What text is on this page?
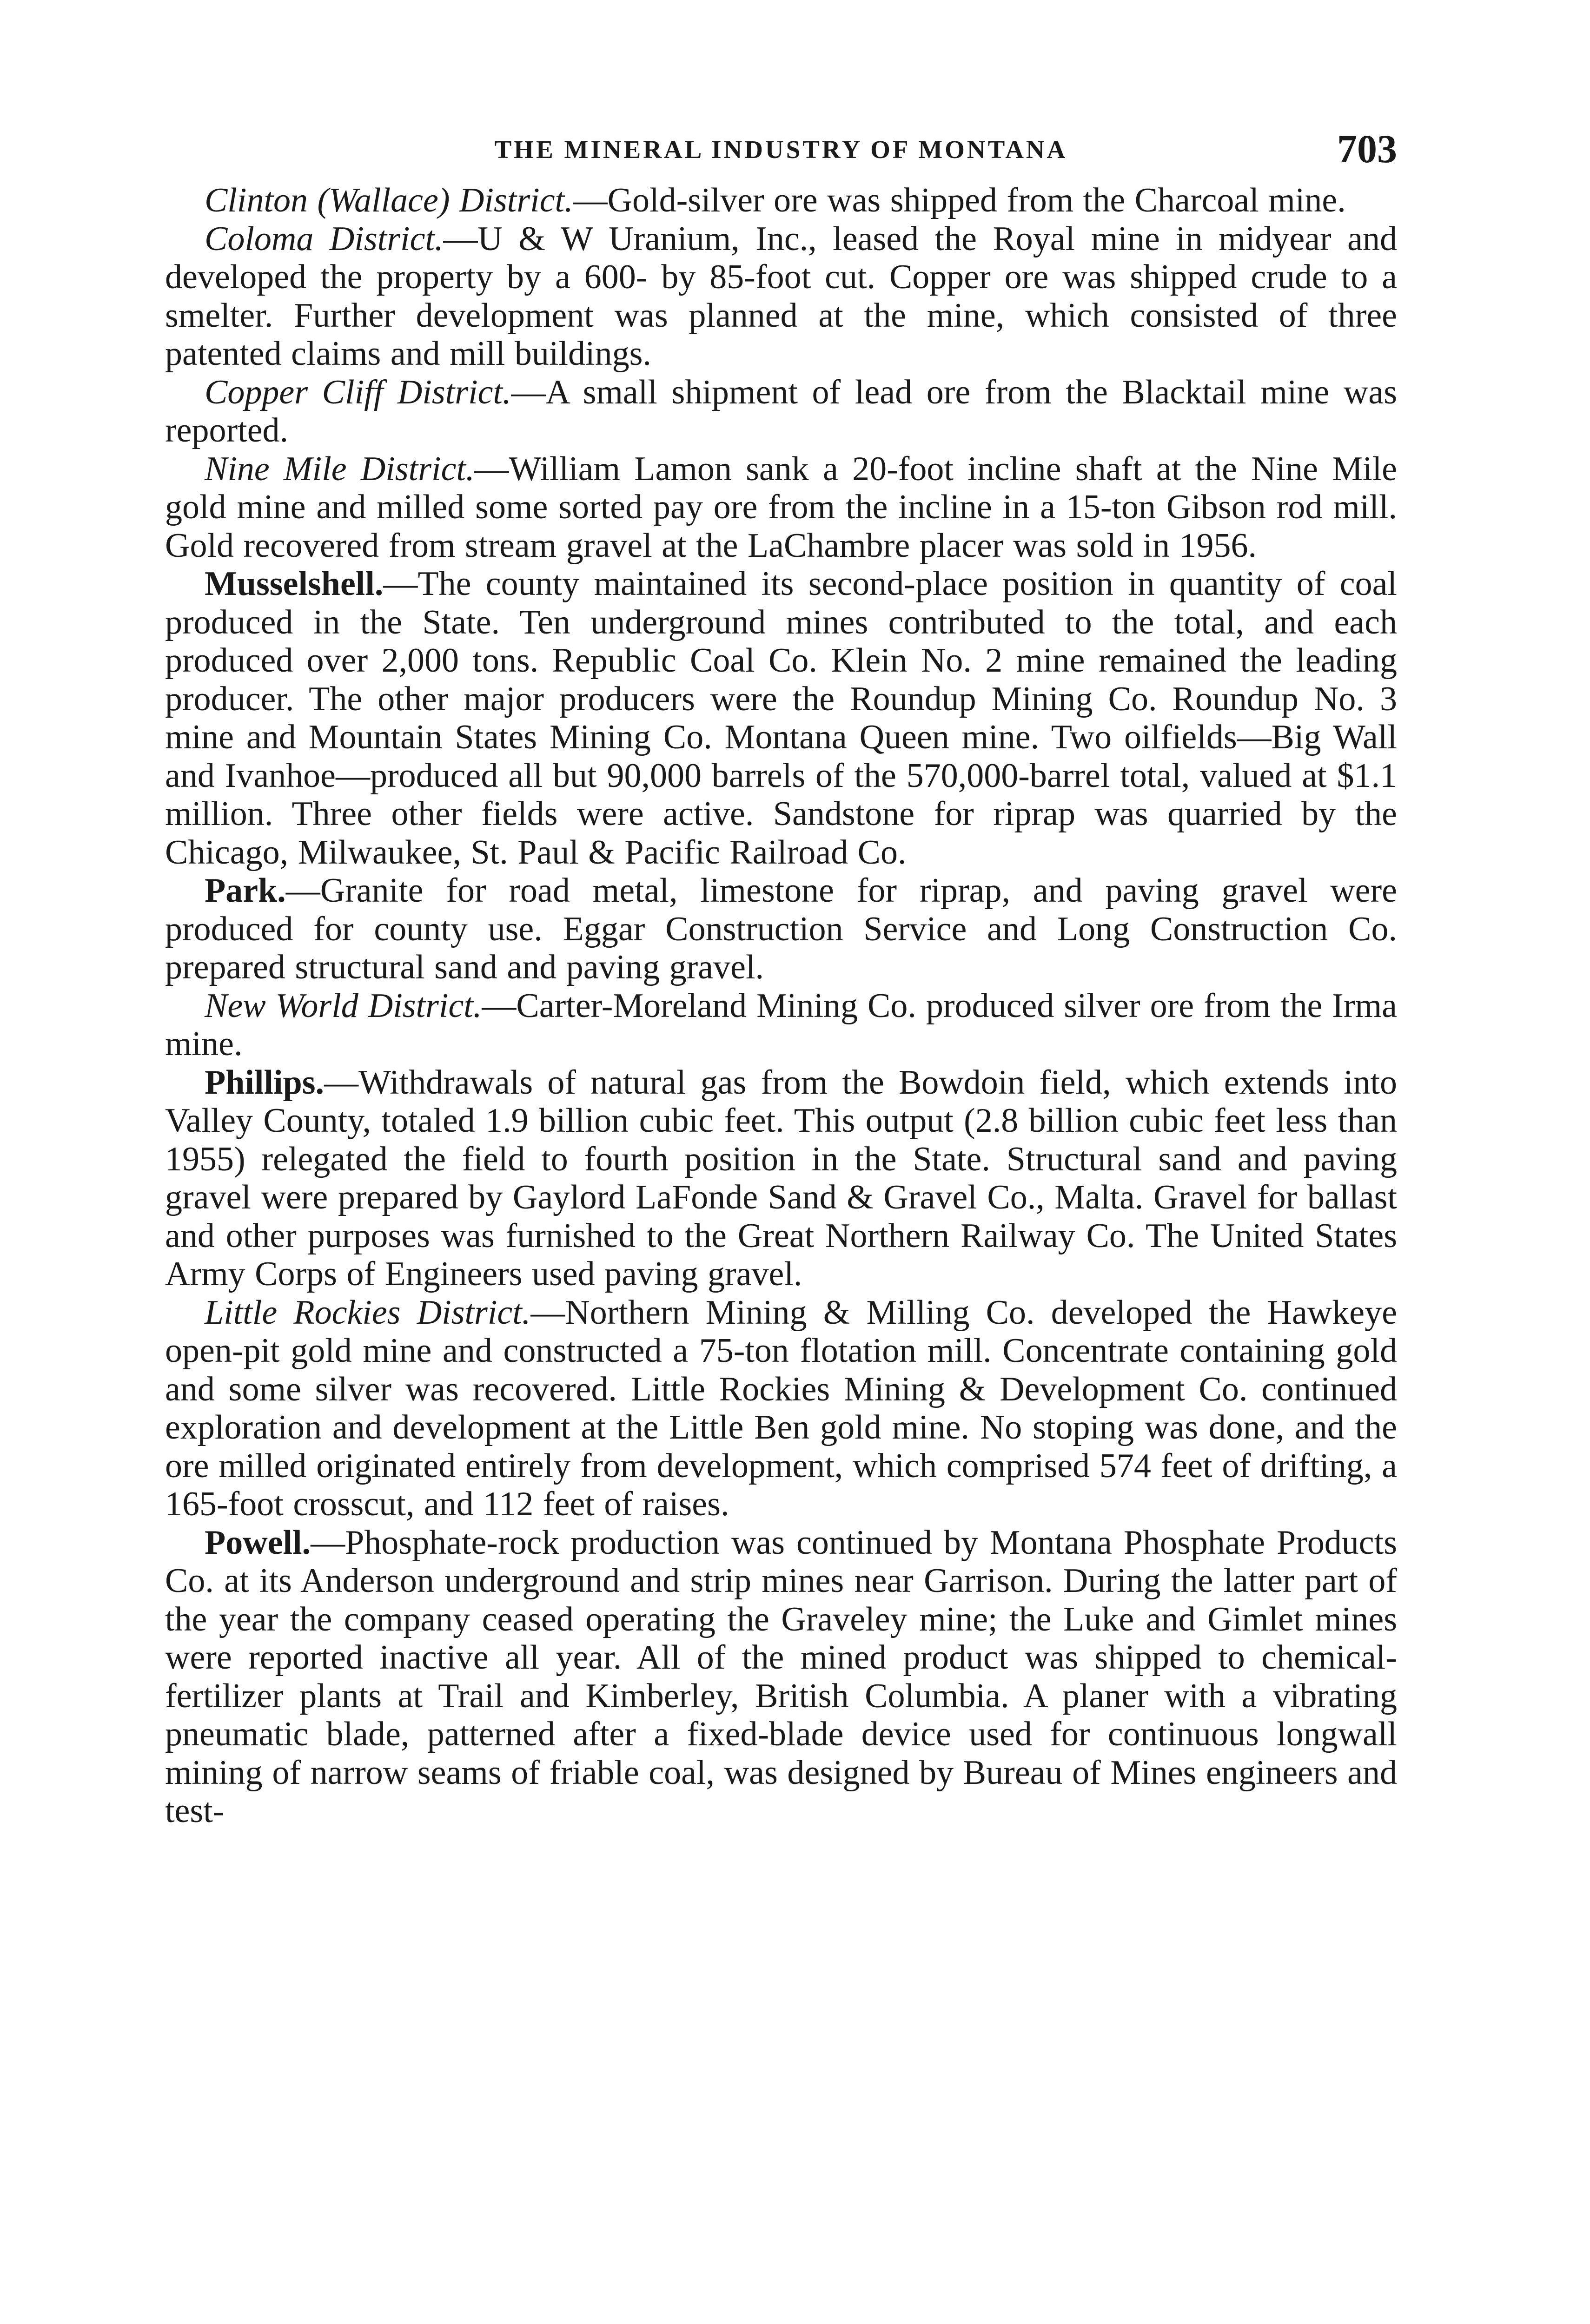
THE MINERAL INDUSTRY OF MONTANA	703

Clinton (Wallace) District.—Gold-silver ore was shipped from the Charcoal mine.

Coloma District.—U & W Uranium, Inc., leased the Royal mine in midyear and developed the property by a 600- by 85-foot cut. Copper ore was shipped crude to a smelter. Further development was planned at the mine, which consisted of three patented claims and mill buildings.

Copper Cliff District.—A small shipment of lead ore from the Blacktail mine was reported.

Nine Mile District.—William Lamon sank a 20-foot incline shaft at the Nine Mile gold mine and milled some sorted pay ore from the incline in a 15-ton Gibson rod mill. Gold recovered from stream gravel at the LaChambre placer was sold in 1956.

Musselshell.—The county maintained its second-place position in quantity of coal produced in the State. Ten underground mines contributed to the total, and each produced over 2,000 tons. Republic Coal Co. Klein No. 2 mine remained the leading producer. The other major producers were the Roundup Mining Co. Roundup No. 3 mine and Mountain States Mining Co. Montana Queen mine. Two oilfields—Big Wall and Ivanhoe—produced all but 90,000 barrels of the 570,000-barrel total, valued at $1.1 million. Three other fields were active. Sandstone for riprap was quarried by the Chicago, Milwaukee, St. Paul & Pacific Railroad Co.

Park.—Granite for road metal, limestone for riprap, and paving gravel were produced for county use. Eggar Construction Service and Long Construction Co. prepared structural sand and paving gravel.

New World District.—Carter-Moreland Mining Co. produced silver ore from the Irma mine.

Phillips.—Withdrawals of natural gas from the Bowdoin field, which extends into Valley County, totaled 1.9 billion cubic feet. This output (2.8 billion cubic feet less than 1955) relegated the field to fourth position in the State. Structural sand and paving gravel were prepared by Gaylord LaFonde Sand & Gravel Co., Malta. Gravel for ballast and other purposes was furnished to the Great Northern Railway Co. The United States Army Corps of Engineers used paving gravel.

Little Rockies District.—Northern Mining & Milling Co. developed the Hawkeye open-pit gold mine and constructed a 75-ton flotation mill. Concentrate containing gold and some silver was recovered. Little Rockies Mining & Development Co. continued exploration and development at the Little Ben gold mine. No stoping was done, and the ore milled originated entirely from development, which comprised 574 feet of drifting, a 165-foot crosscut, and 112 feet of raises.

Powell.—Phosphate-rock production was continued by Montana Phosphate Products Co. at its Anderson underground and strip mines near Garrison. During the latter part of the year the company ceased operating the Graveley mine; the Luke and Gimlet mines were reported inactive all year. All of the mined product was shipped to chemical-fertilizer plants at Trail and Kimberley, British Columbia. A planer with a vibrating pneumatic blade, patterned after a fixed-blade device used for continuous longwall mining of narrow seams of friable coal, was designed by Bureau of Mines engineers and test-
